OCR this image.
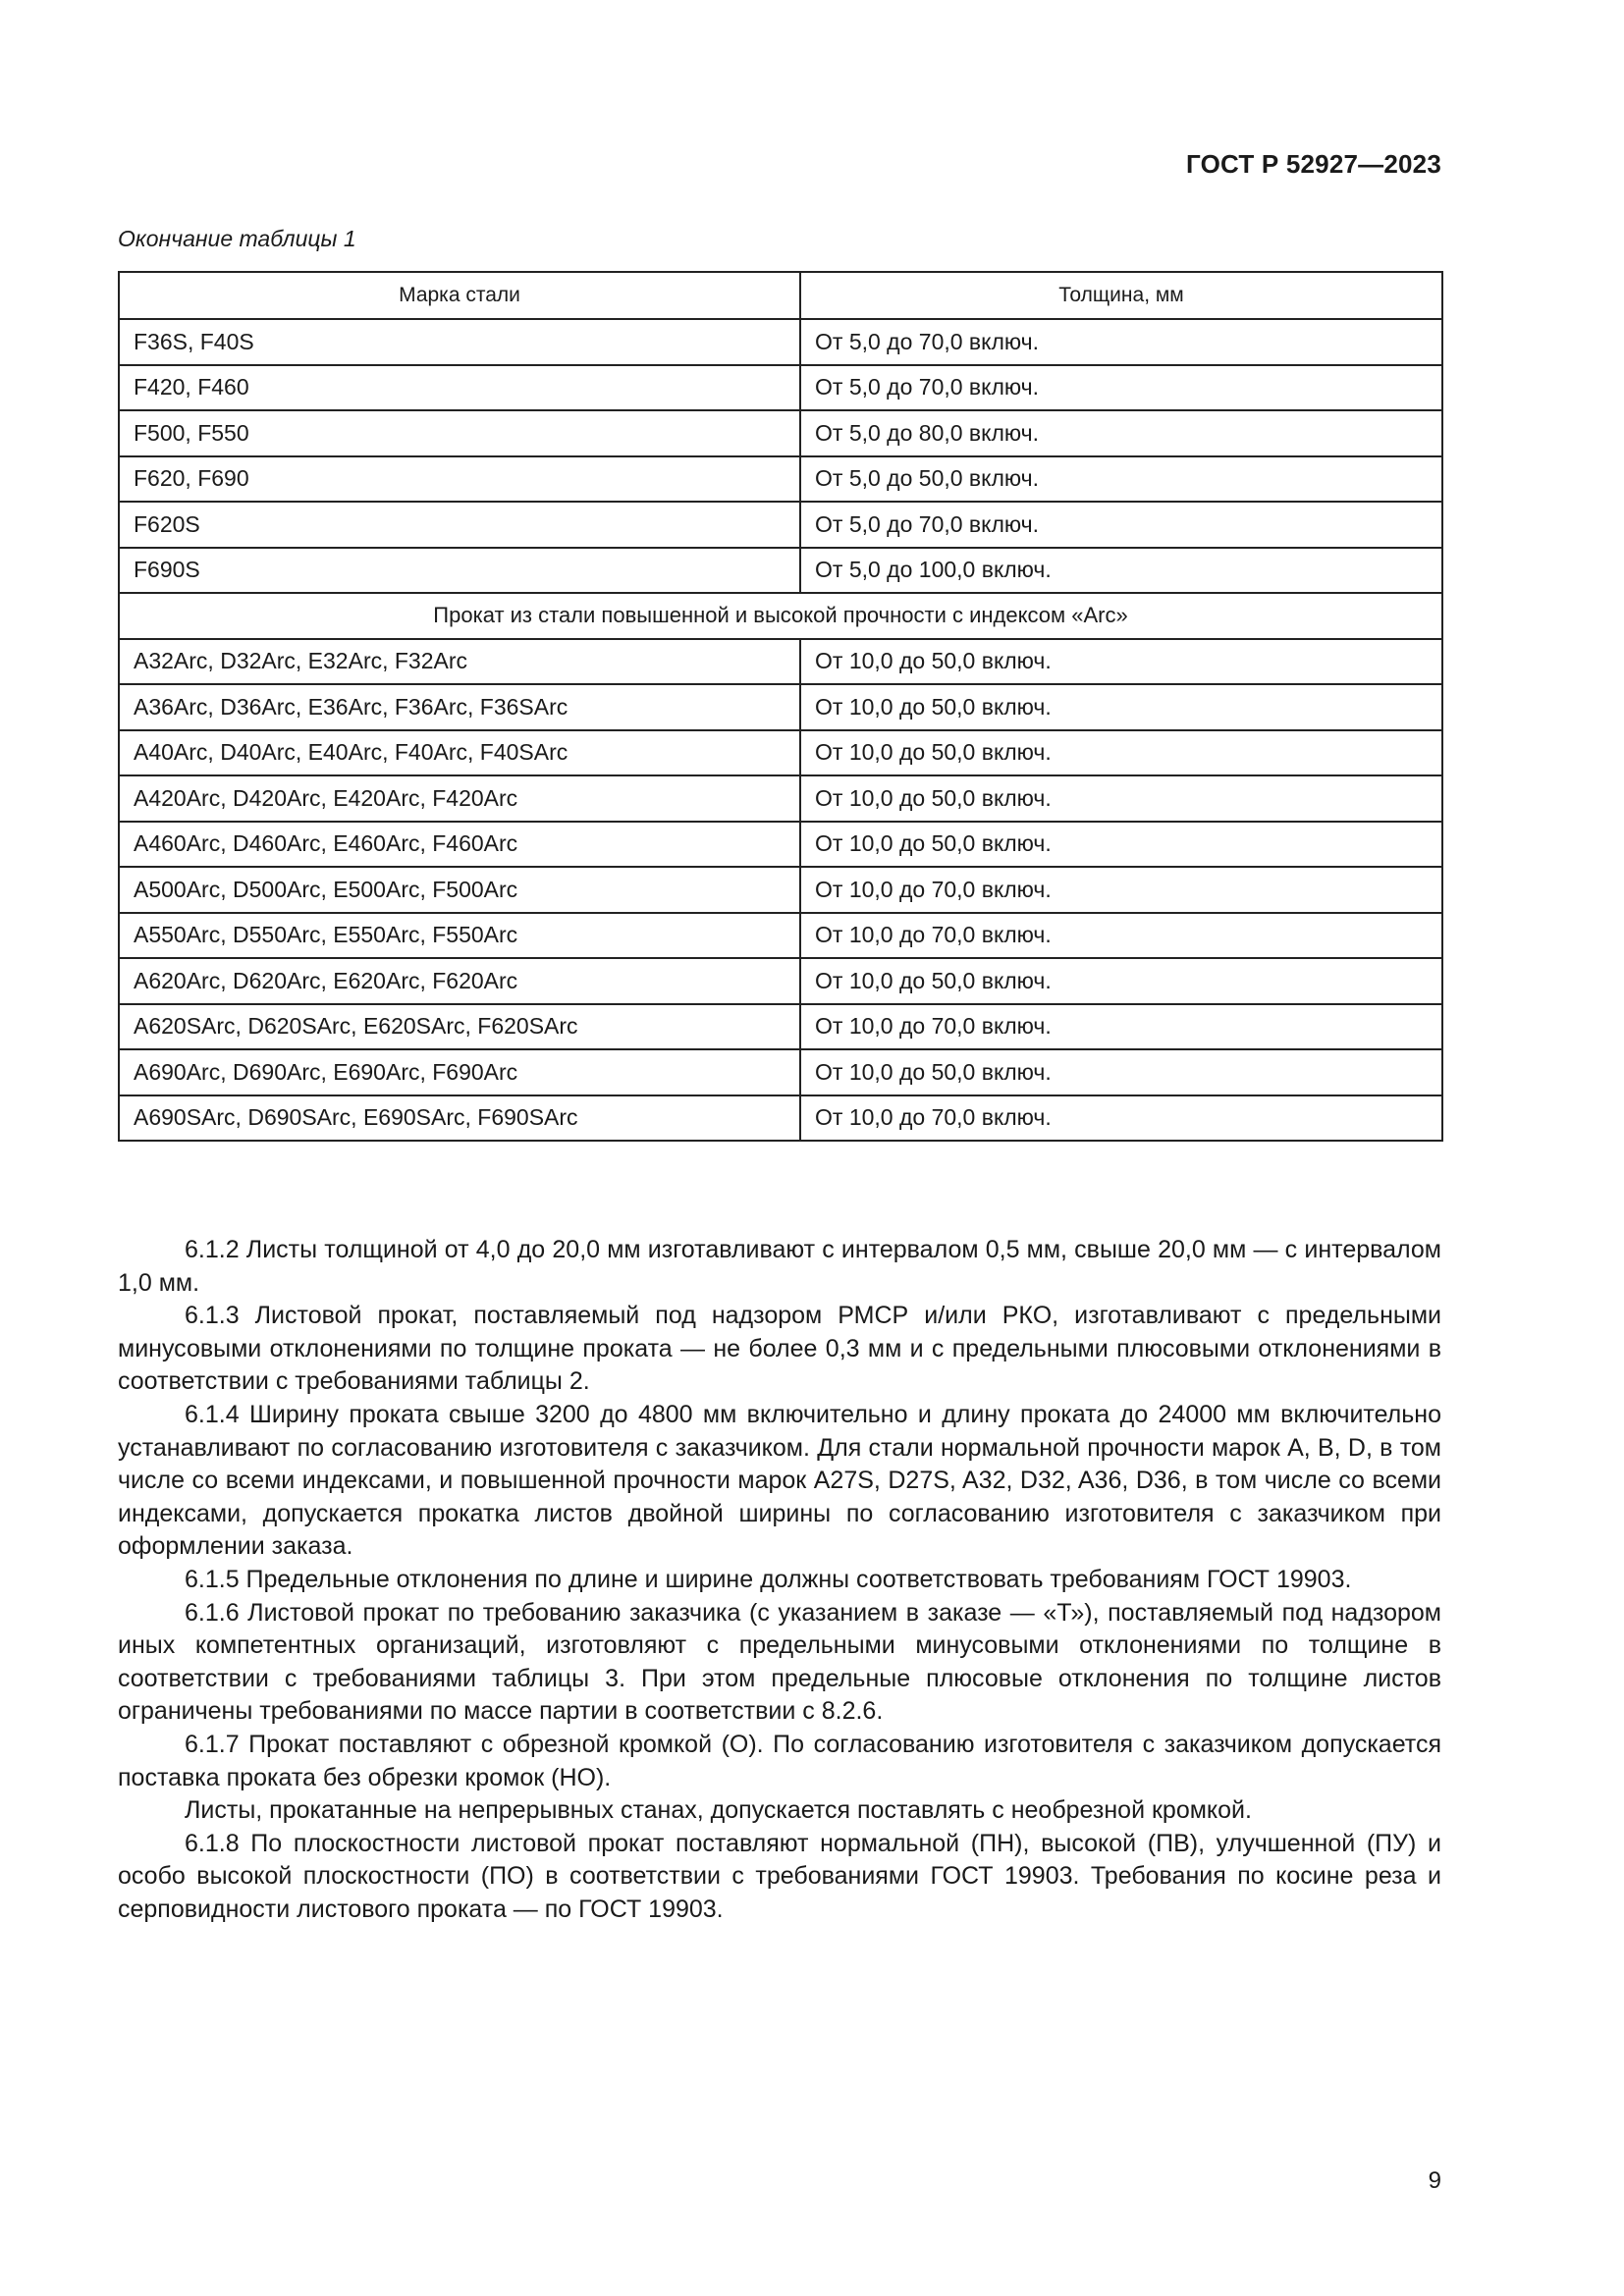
ГОСТ Р 52927—2023
Окончание таблицы 1
Марка стали	Толщина, мм
F36S, F40S	От 5,0 до 70,0 включ.
F420, F460	От 5,0 до 70,0 включ.
F500, F550	От 5,0 до 80,0 включ.
F620, F690	От 5,0 до 50,0 включ.
F620S	От 5,0 до 70,0 включ.
F690S	От 5,0 до 100,0 включ.
Прокат из стали повышенной и высокой прочности с индексом «Arc»	
A32Arc, D32Arc, E32Arc, F32Arc	От 10,0 до 50,0 включ.
A36Arc, D36Arc, E36Arc, F36Arc, F36SArc	От 10,0 до 50,0 включ.
A40Arc, D40Arc, E40Arc, F40Arc, F40SArc	От 10,0 до 50,0 включ.
A420Arc, D420Arc, E420Arc, F420Arc	От 10,0 до 50,0 включ.
A460Arc, D460Arc, E460Arc, F460Arc	От 10,0 до 50,0 включ.
A500Arc, D500Arc, E500Arc, F500Arc	От 10,0 до 70,0 включ.
A550Arc, D550Arc, E550Arc, F550Arc	От 10,0 до 70,0 включ.
A620Arc, D620Arc, E620Arc, F620Arc	От 10,0 до 50,0 включ.
A620SArc, D620SArc, E620SArc, F620SArc	От 10,0 до 70,0 включ.
A690Arc, D690Arc, E690Arc, F690Arc	От 10,0 до 50,0 включ.
A690SArc, D690SArc, E690SArc, F690SArc	От 10,0 до 70,0 включ.

6.1.2 Листы толщиной от 4,0 до 20,0 мм изготавливают с интервалом 0,5 мм, свыше 20,0 мм — с интервалом 1,0 мм.

6.1.3 Листовой прокат, поставляемый под надзором РМСР и/или РКО, изготавливают с предельными минусовыми отклонениями по толщине проката — не более 0,3 мм и с предельными плюсовыми отклонениями в соответствии с требованиями таблицы 2.

6.1.4 Ширину проката свыше 3200 до 4800 мм включительно и длину проката до 24000 мм включительно устанавливают по согласованию изготовителя с заказчиком. Для стали нормальной прочности марок A, B, D, в том числе со всеми индексами, и повышенной прочности марок A27S, D27S, A32, D32, A36, D36, в том числе со всеми индексами, допускается прокатка листов двойной ширины по согласованию изготовителя с заказчиком при оформлении заказа.

6.1.5 Предельные отклонения по длине и ширине должны соответствовать требованиям ГОСТ 19903.

6.1.6 Листовой прокат по требованию заказчика (с указанием в заказе — «Т»), поставляемый под надзором иных компетентных организаций, изготовляют с предельными минусовыми отклонениями по толщине в соответствии с требованиями таблицы 3. При этом предельные плюсовые отклонения по толщине листов ограничены требованиями по массе партии в соответствии с 8.2.6.

6.1.7 Прокат поставляют с обрезной кромкой (О). По согласованию изготовителя с заказчиком допускается поставка проката без обрезки кромок (НО).

Листы, прокатанные на непрерывных станах, допускается поставлять с необрезной кромкой.

6.1.8 По плоскостности листовой прокат поставляют нормальной (ПН), высокой (ПВ), улучшенной (ПУ) и особо высокой плоскостности (ПО) в соответствии с требованиями ГОСТ 19903. Требования по косине реза и серповидности листового проката — по ГОСТ 19903.

9
